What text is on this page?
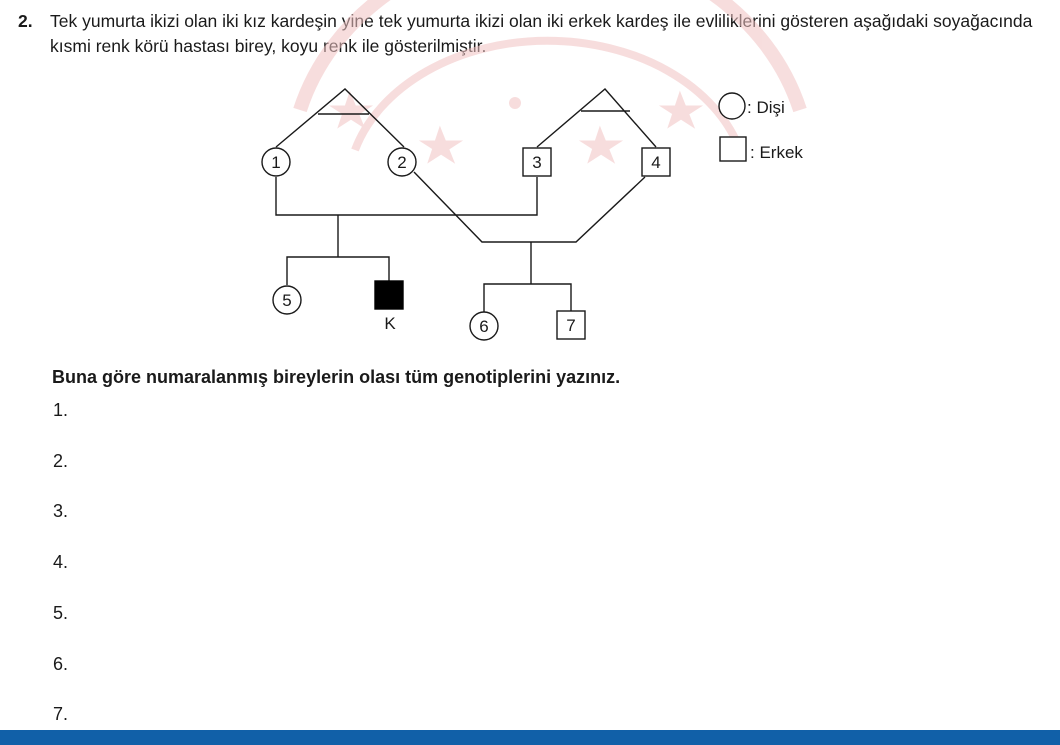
2. Tek yumurta ikizi olan iki kız kardeşin yine tek yumurta ikizi olan iki erkek kardeş ile evliliklerini gösteren aşağıdaki soyağacında kısmi renk körü hastası birey, koyu renk ile gösterilmiştir.
1	2	3	4
5
K	6	7
: Dişi
: Erkek
Buna göre numaralanmış bireylerin olası tüm genotiplerini yazınız.
1.
2.
3.
4.
5.
6.
7.
